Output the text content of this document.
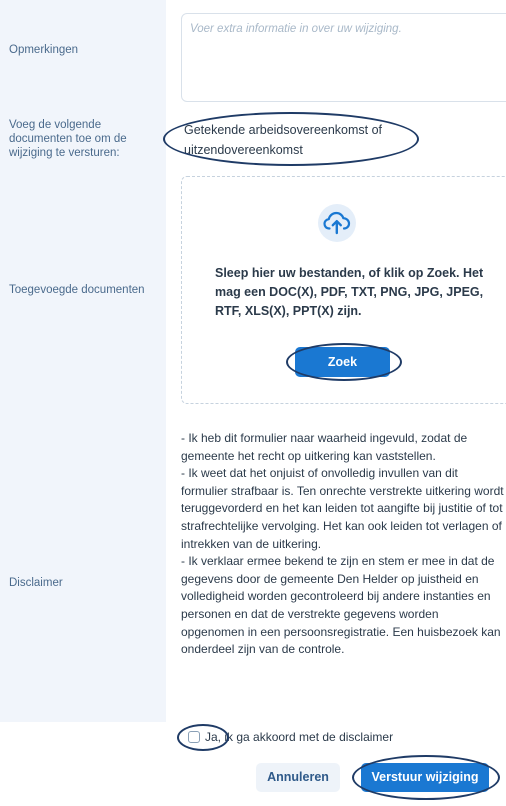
Opmerkingen
Voer extra informatie in over uw wijziging.
Voeg de volgende documenten toe om de wijziging te versturen:
Getekende arbeidsovereenkomst of uitzendovereenkomst
Toegevoegde documenten
Sleep hier uw bestanden, of klik op Zoek. Het mag een DOC(X), PDF, TXT, PNG, JPG, JPEG, RTF, XLS(X), PPT(X) zijn.
Zoek
Disclaimer
- Ik heb dit formulier naar waarheid ingevuld, zodat de gemeente het recht op uitkering kan vaststellen.
- Ik weet dat het onjuist of onvolledig invullen van dit formulier strafbaar is. Ten onrechte verstrekte uitkering wordt teruggevorderd en het kan leiden tot aangifte bij justitie of tot strafrechtelijke vervolging. Het kan ook leiden tot verlagen of intrekken van de uitkering.
- Ik verklaar ermee bekend te zijn en stem er mee in dat de gegevens door de gemeente Den Helder op juistheid en volledigheid worden gecontroleerd bij andere instanties en personen en dat de verstrekte gegevens worden opgenomen in een persoonsregistratie. Een huisbezoek kan onderdeel zijn van de controle.
Ja, ik ga akkoord met de disclaimer
Annuleren	Verstuur wijziging
